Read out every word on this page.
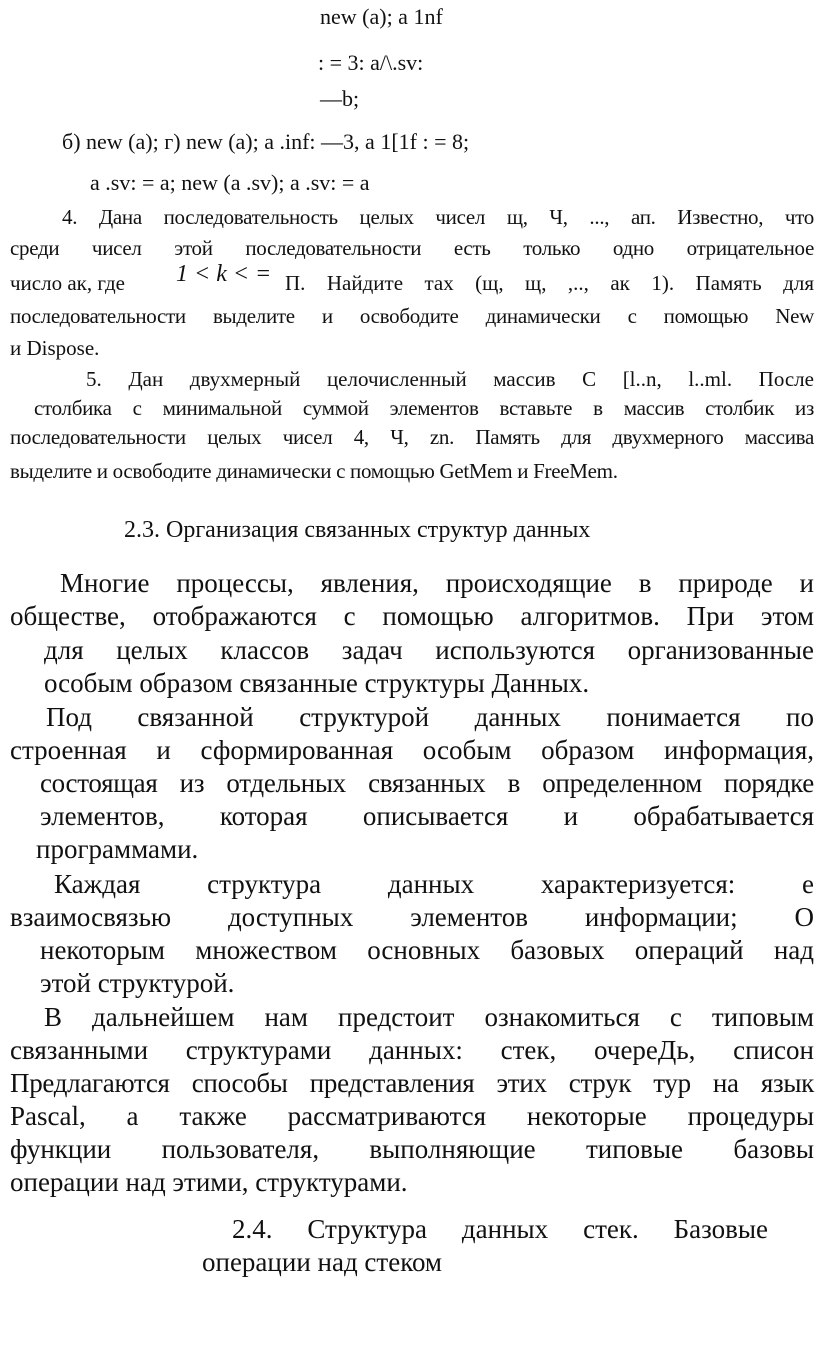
new (а); a 1nf
: = 3: a/\.sv:
—b;
б) new (а); г) new (а); a .inf: —3, a 1[1f : = 8;
a .sv: = a; new (a .sv); a .sv: = a
4. Дана последовательность целых чисел щ, Ч, ..., ап. Известно, что
среди чисел этой последовательности есть только одно отрицательное
число ак, где 1 < k < = П. Найдите тах (щ, щ, ,.., ак 1). Память для
последовательности выделите и освободите динамически с помощью New
и Dispose.
5. Дан двухмерный целочисленный массив С [l..n, l..ml. После
столбика с минимальной суммой элементов вставьте в массив столбик из
последовательности целых чисел 4, Ч, zn. Память для двухмерного массива
выделите и освободите динамически с помощью GetMem и FreeMem.
2.3. Организация связанных структур данных
Многие процессы, явления, происходящие в природе и
обществе, отображаются с помощью алгоритмов. При этом
для целых классов задач используются организованные
особым образом связанные структуры Данных.
Под связанной структурой данных понимается по
строенная и сформированная особым образом информация,
состоящая из отдельных связанных в определенном порядке
элементов, которая описывается и обрабатывается
программами.
Каждая структура данных характеризуется: е
взаимосвязью доступных элементов информации; О
некоторым множеством основных базовых операций над
этой структурой.
В дальнейшем нам предстоит ознакомиться с типовым
связанными структурами данных: стек, очереДь, списон
Предлагаются способы представления этих струк тур на язык
Pascal, а также рассматриваются некоторые процедуры
функции пользователя, выполняющие типовые базовы
операции над этими, структурами.
2.4. Структура данных стек. Базовые
операции над стеком
